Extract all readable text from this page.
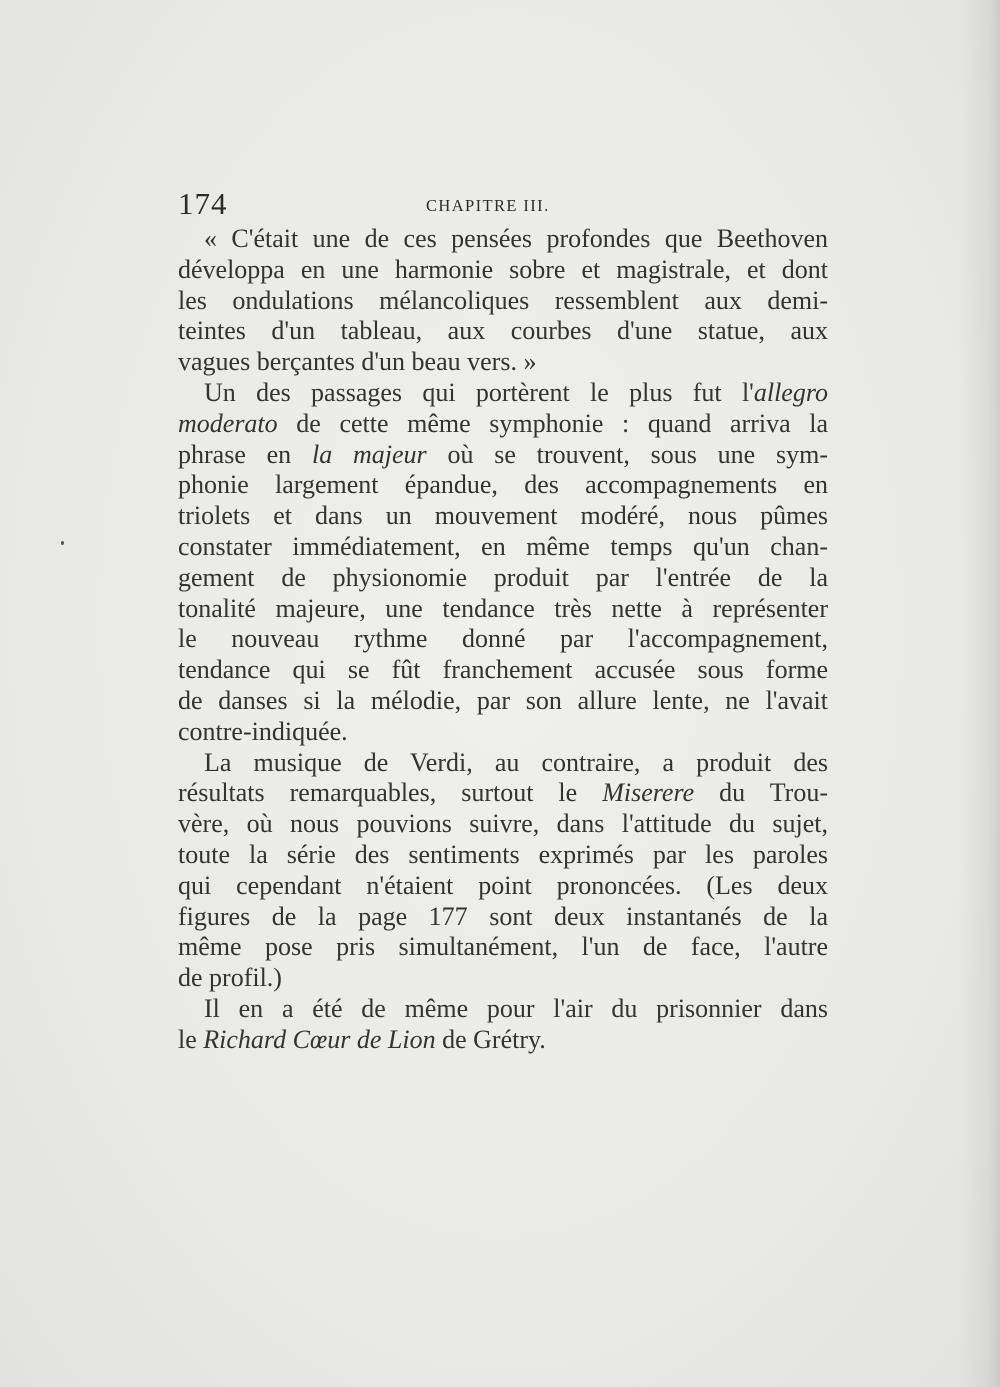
174	CHAPITRE III.
« C'était une de ces pensées profondes que Beethoven
développa en une harmonie sobre et magistrale, et dont
les ondulations mélancoliques ressemblent aux demi-
teintes d'un tableau, aux courbes d'une statue, aux
vagues berçantes d'un beau vers. »
Un des passages qui portèrent le plus fut l'allegro
moderato de cette même symphonie : quand arriva la
phrase en la majeur où se trouvent, sous une sym-
phonie largement épandue, des accompagnements en
triolets et dans un mouvement modéré, nous pûmes
constater immédiatement, en même temps qu'un chan-
gement de physionomie produit par l'entrée de la
tonalité majeure, une tendance très nette à représenter
le nouveau rythme donné par l'accompagnement,
tendance qui se fût franchement accusée sous forme
de danses si la mélodie, par son allure lente, ne l'avait
contre-indiquée.
La musique de Verdi, au contraire, a produit des
résultats remarquables, surtout le Miserere du Trou-
vère, où nous pouvions suivre, dans l'attitude du sujet,
toute la série des sentiments exprimés par les paroles
qui cependant n'étaient point prononcées. (Les deux
figures de la page 177 sont deux instantanés de la
même pose pris simultanément, l'un de face, l'autre
de profil.)
Il en a été de même pour l'air du prisonnier dans
le Richard Cœur de Lion de Grétry.
